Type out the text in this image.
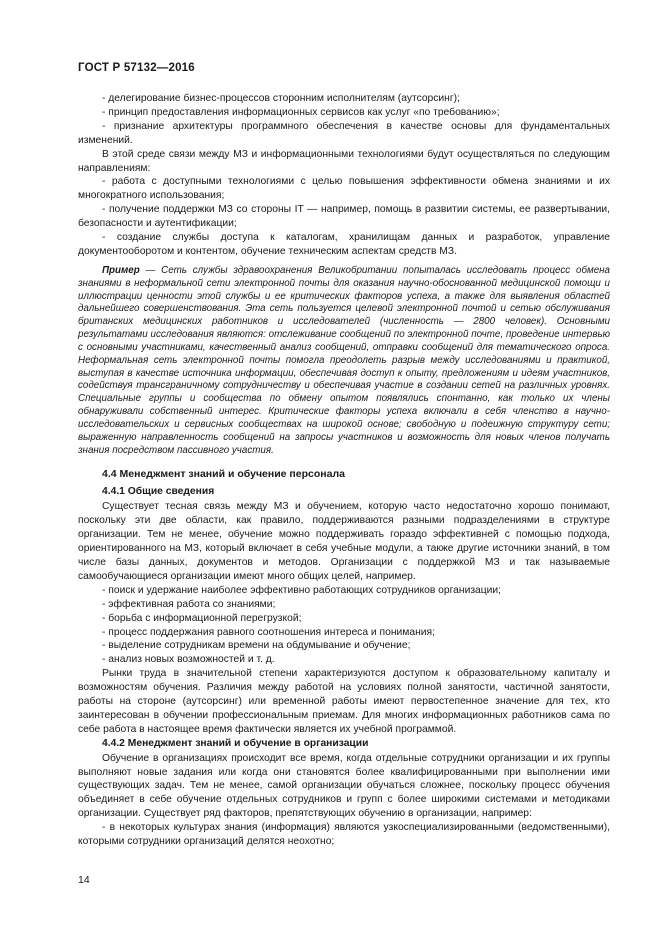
ГОСТ Р 57132—2016

- делегирование бизнес-процессов сторонним исполнителям (аутсорсинг);

- принцип предоставления информационных сервисов как услуг «по требованию»;

- признание архитектуры программного обеспечения в качестве основы для фундаментальных изменений.

В этой среде связи между МЗ и информационными технологиями будут осуществляться по следующим направлениям:

- работа с доступными технологиями с целью повышения эффективности обмена знаниями и их многократного использования;

- получение поддержки МЗ со стороны IT — например, помощь в развитии системы, ее развертывании, безопасности и аутентификации;

- создание службы доступа к каталогам, хранилищам данных и разработок, управление документооборотом и контентом, обучение техническим аспектам средств МЗ.

Пример — Сеть службы здравоохранения Великобритании попыталась исследовать процесс обмена знаниями в неформальной сети электронной почты для оказания научно-обоснованной медицинской помощи и иллюстрации ценности этой службы и ее критических факторов успеха, а также для выявления областей дальнейшего совершенствования. Эта сеть пользуется целевой электронной почтой и сетью обслуживания британских медицинских работников и исследователей (численность — 2800 человек). Основными результатами исследования являются: отслеживание сообщений по электронной почте, проведение интервью с основными участниками, качественный анализ сообщений, отправки сообщений для тематического опроса. Неформальная сеть электронной почты помогла преодолеть разрыв между исследованиями и практикой, выступая в качестве источника информации, обеспечивая доступ к опыту, предложениям и идеям участников, содействуя трансграничному сотрудничеству и обеспечивая участие в создании сетей на различных уровнях. Специальные группы и сообщества по обмену опытом появлялись спонтанно, как только их члены обнаруживали собственный интерес. Критические факторы успеха включали в себя членство в научно-исследовательских и сервисных сообществах на широкой основе; свободную и подеижную структуру сети; выраженную направленность сообщений на запросы участников и возможность для новых членов получать знания посредством пассивного участия.

4.4 Менеджмент знаний и обучение персонала
4.4.1 Общие сведения

Существует тесная связь между МЗ и обучением, которую часто недостаточно хорошо понимают, поскольку эти две области, как правило, поддерживаются разными подразделениями в структуре организации. Тем не менее, обучение можно поддерживать гораздо эффективней с помощью подхода, ориентированного на МЗ, который включает в себя учебные модули, а также другие источники знаний, в том числе базы данных, документов и методов. Организации с поддержкой МЗ и так называемые самообучающиеся организации имеют много общих целей, например.

- поиск и удержание наиболее эффективно работающих сотрудников организации;

- эффективная работа со знаниями;

- борьба с информационной перегрузкой;

- процесс поддержания равного соотношения интереса и понимания;

- выделение сотрудникам времени на обдумывание и обучение;

- анализ новых возможностей и т. д.

Рынки труда в значительной степени характеризуются доступом к образовательному капиталу и возможностям обучения. Различия между работой на условиях полной занятости, частичной занятости, работы на стороне (аутсорсинг) или временной работы имеют первостепенное значение для тех, кто заинтересован в обучении профессиональным приемам. Для многих информационных работников сама по себе работа в настоящее время фактически является их учебной программой.

4.4.2 Менеджмент знаний и обучение в организации

Обучение в организациях происходит все время, когда отдельные сотрудники организации и их группы выполняют новые задания или когда они становятся более квалифицированными при выполнении ими существующих задач. Тем не менее, самой организации обучаться сложнее, поскольку процесс обучения объединяет в себе обучение отдельных сотрудников и групп с более широкими системами и методиками организации. Существует ряд факторов, препятствующих обучению в организации, например:

- в некоторых культурах знания (информация) являются узкоспециализированными (ведомственными), которыми сотрудники организаций делятся неохотно;

14
